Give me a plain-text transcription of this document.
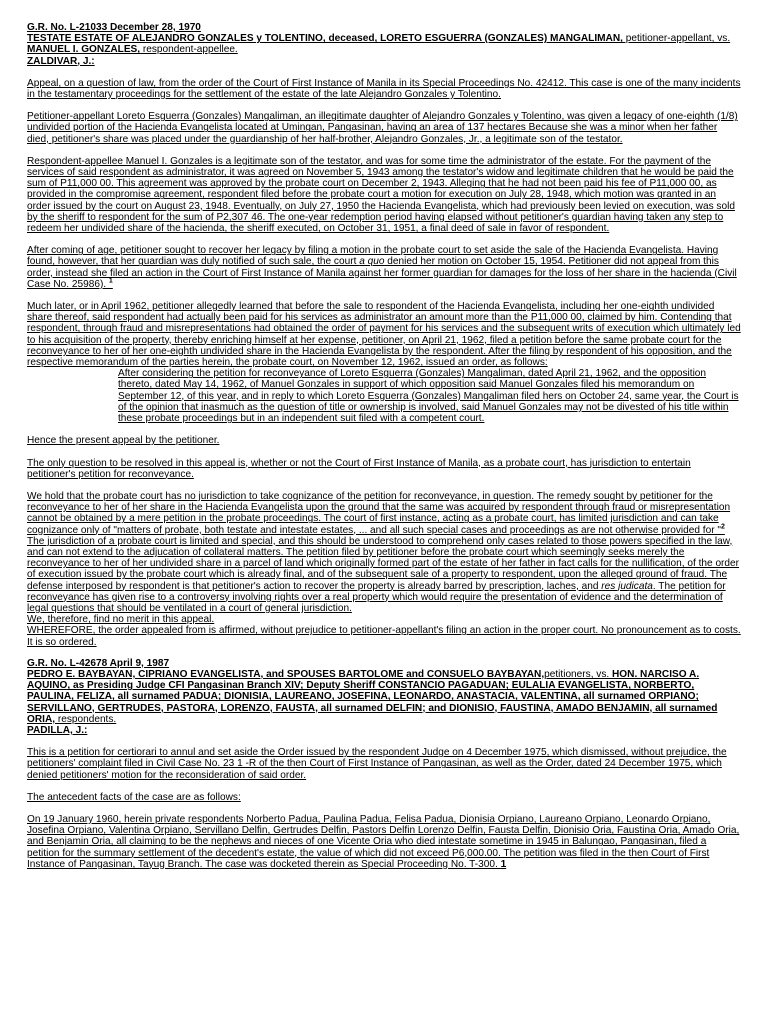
G.R. No. L-21033 December 28, 1970

TESTATE ESTATE OF ALEJANDRO GONZALES y TOLENTINO, deceased, LORETO ESGUERRA (GONZALES) MANGALIMAN, petitioner-appellant, vs. MANUEL I. GONZALES, respondent-appellee.

ZALDIVAR, J.:

Appeal, on a question of law, from the order of the Court of First Instance of Manila in its Special Proceedings No. 42412. This case is one of the many incidents in the testamentary proceedings for the settlement of the estate of the late Alejandro Gonzales y Tolentino.

Petitioner-appellant Loreto Esguerra (Gonzales) Mangaliman, an illegitimate daughter of Alejandro Gonzales y Tolentino, was given a legacy of one-eighth (1/8) undivided portion of the Hacienda Evangelista located at Umingan, Pangasinan, having an area of 137 hectares Because she was a minor when her father died, petitioner's share was placed under the guardianship of her half-brother, Alejandro Gonzales, Jr., a legitimate son of the testator.

Respondent-appellee Manuel I. Gonzales is a legitimate son of the testator, and was for some time the administrator of the estate. For the payment of the services of said respondent as administrator, it was agreed on November 5, 1943 among the testator's widow and legitimate children that he would be paid the sum of P11,000 00. This agreement was approved by the probate court on December 2, 1943. Alleging that he had not been paid his fee of P11,000 00, as provided in the compromise agreement, respondent filed before the probate court a motion for execution on July 28, 1948, which motion was granted in an order issued by the court on August 23, 1948. Eventually, on July 27, 1950 the Hacienda Evangelista, which had previously been levied on execution, was sold by the sheriff to respondent for the sum of P2,307 46. The one-year redemption period having elapsed without petitioner's guardian having taken any step to redeem her undivided share of the hacienda, the sheriff executed, on October 31, 1951, a final deed of sale in favor of respondent.

After coming of age, petitioner sought to recover her legacy by filing a motion in the probate court to set aside the sale of the Hacienda Evangelista. Having found, however, that her guardian was duly notified of such sale, the court a quo denied her motion on October 15, 1954. Petitioner did not appeal from this order, instead she filed an action in the Court of First Instance of Manila against her former guardian for damages for the loss of her share in the hacienda (Civil Case No. 25986). $^1$

Much later, or in April 1962, petitioner allegedly learned that before the sale to respondent of the Hacienda Evangelista, including her one-eighth undivided share thereof, said respondent had actually been paid for his services as administrator an amount more than the P11,000 00, claimed by him. Contending that respondent, through fraud and misrepresentations had obtained the order of payment for his services and the subsequent writs of execution which ultimately led to his acquisition of the property, thereby enriching himself at her expense, petitioner, on April 21, 1962, filed a petition before the same probate court for the reconveyance to her of her one-eighth undivided share in the Hacienda Evangelista by the respondent. After the filing by respondent of his opposition, and the respective memorandum of the parties herein, the probate court, on November 12, 1962, issued an order, as follows:

After considering the petition for reconveyance of Loreto Esguerra (Gonzales) Mangaliman, dated April 21, 1962, and the opposition thereto, dated May 14, 1962, of Manuel Gonzales in support of which opposition said Manuel Gonzales filed his memorandum on September 12, of this year, and in reply to which Loreto Esguerra (Gonzales) Mangaliman filed hers on October 24, same year, the Court is of the opinion that inasmuch as the question of title or ownership is involved, said Manuel Gonzales may not be divested of his title within these probate proceedings but in an independent suit filed with a competent court.

Hence the present appeal by the petitioner.

The only question to be resolved in this appeal is, whether or not the Court of First Instance of Manila, as a probate court, has jurisdiction to entertain petitioner's petition for reconveyance.

We hold that the probate court has no jurisdiction to take cognizance of the petition for reconveyance, in question. The remedy sought by petitioner for the reconveyance to her of her share in the Hacienda Evangelista upon the ground that the same was acquired by respondent through fraud or misrepresentation cannot be obtained by a mere petition in the probate proceedings. The court of first instance, acting as a probate court, has limited jurisdiction and can take cognizance only of "matters of probate, both testate and intestate estates, ... and all such special cases and proceedings as are not otherwise provided for "$^2$ The jurisdiction of a probate court is limited and special, and this should be understood to comprehend only cases related to those powers specified in the law, and can not extend to the adjucation of collateral matters. The petition filed by petitioner before the probate court which seemingly seeks merely the reconveyance to her of her undivided share in a parcel of land which originally formed part of the estate of her father in fact calls for the nullification, of the order of execution issued by the probate court which is already final, and of the subsequent sale of a property to respondent, upon the alleged ground of fraud. The defense interposed by respondent is that petitioner's action to recover the property is already barred by prescription, laches, and res judicata. The petition for reconveyance has given rise to a controversy involving rights over a real property which would require the presentation of evidence and the determination of legal questions that should be ventilated in a court of general jurisdiction.

We, therefore, find no merit in this appeal.

WHEREFORE, the order appealed from is affirmed, without prejudice to petitioner-appellant's filing an action in the proper court. No pronouncement as to costs. It is so ordered.

G.R. No. L-42678 April 9, 1987

PEDRO E. BAYBAYAN, CIPRIANO EVANGELISTA, and SPOUSES BARTOLOME and CONSUELO BAYBAYAN,petitioners, vs. HON. NARCISO A. AQUINO, as Presiding Judge CFI Pangasinan Branch XIV; Deputy Sheriff CONSTANCIO PAGADUAN; EULALIA EVANGELISTA, NORBERTO, PAULINA, FELIZA, all surnamed PADUA; DIONISIA, LAUREANO, JOSEFINA, LEONARDO, ANASTACIA, VALENTINA, all surnamed ORPIANO; SERVILLANO, GERTRUDES, PASTORA, LORENZO, FAUSTA, all surnamed DELFIN; and DIONISIO, FAUSTINA, AMADO BENJAMIN, all surnamed ORIA, respondents.

PADILLA, J.:

This is a petition for certiorari to annul and set aside the Order issued by the respondent Judge on 4 December 1975, which dismissed, without prejudice, the petitioners' complaint filed in Civil Case No. 23 1 -R of the then Court of First Instance of Pangasinan, as well as the Order, dated 24 December 1975, which denied petitioners' motion for the reconsideration of said order.

The antecedent facts of the case are as follows:

On 19 January 1960, herein private respondents Norberto Padua, Paulina Padua, Felisa Padua, Dionisia Orpiano, Laureano Orpiano, Leonardo Orpiano, Josefina Orpiano, Valentina Orpiano, Servillano Delfin, Gertrudes Delfin, Pastors Delfin Lorenzo Delfin, Fausta Delfin, Dionisio Oria, Faustina Oria, Amado Oria, and Benjamin Oria, all claiming to be the nephews and nieces of one Vicente Oria who died intestate sometime in 1945 in Balungao, Pangasinan, filed a petition for the summary settlement of the decedent's estate, the value of which did not exceed P6,000.00. The petition was filed in the then Court of First Instance of Pangasinan, Tayug Branch. The case was docketed therein as Special Proceeding No. T-300. 1
